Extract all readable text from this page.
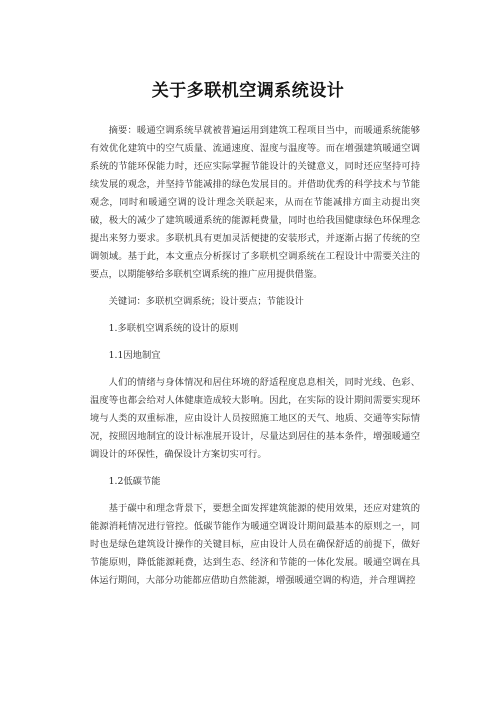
关于多联机空调系统设计

摘要：暖通空调系统早就被普遍运用到建筑工程项目当中，而暖通系统能够有效优化建筑中的空气质量、流通速度、湿度与温度等。而在增强建筑暖通空调系统的节能环保能力时，还应实际掌握节能设计的关键意义，同时还应坚持可持续发展的观念，并坚持节能减排的绿色发展目的。并借助优秀的科学技术与节能观念，同时和暖通空调的设计理念关联起来，从而在节能减排方面主动提出突破，极大的减少了建筑暖通系统的能源耗费量，同时也给我国健康绿色环保理念提出来努力要求。多联机具有更加灵活便捷的安装形式，并逐渐占据了传统的空调领域。基于此，本文重点分析探讨了多联机空调系统在工程设计中需要关注的要点，以期能够给多联机空调系统的推广应用提供借鉴。

关键词：多联机空调系统；设计要点；节能设计

1.多联机空调系统的设计的原则

1.1因地制宜

人们的情绪与身体情况和居住环境的舒适程度息息相关，同时光线、色彩、温度等也都会给对人体健康造成较大影响。因此，在实际的设计期间需要实现环境与人类的双重标准，应由设计人员按照施工地区的天气、地质、交通等实际情况，按照因地制宜的设计标准展开设计，尽量达到居住的基本条件，增强暖通空调设计的环保性，确保设计方案切实可行。

1.2低碳节能

基于碳中和理念背景下，要想全面发挥建筑能源的使用效果，还应对建筑的能源消耗情况进行管控。低碳节能作为暖通空调设计期间最基本的原则之一，同时也是绿色建筑设计操作的关键目标，应由设计人员在确保舒适的前提下，做好节能原则，降低能源耗费，达到生态、经济和节能的一体化发展。暖通空调在具体运行期间，大部分功能都应借助自然能源，增强暖通空调的构造，并合理调控
